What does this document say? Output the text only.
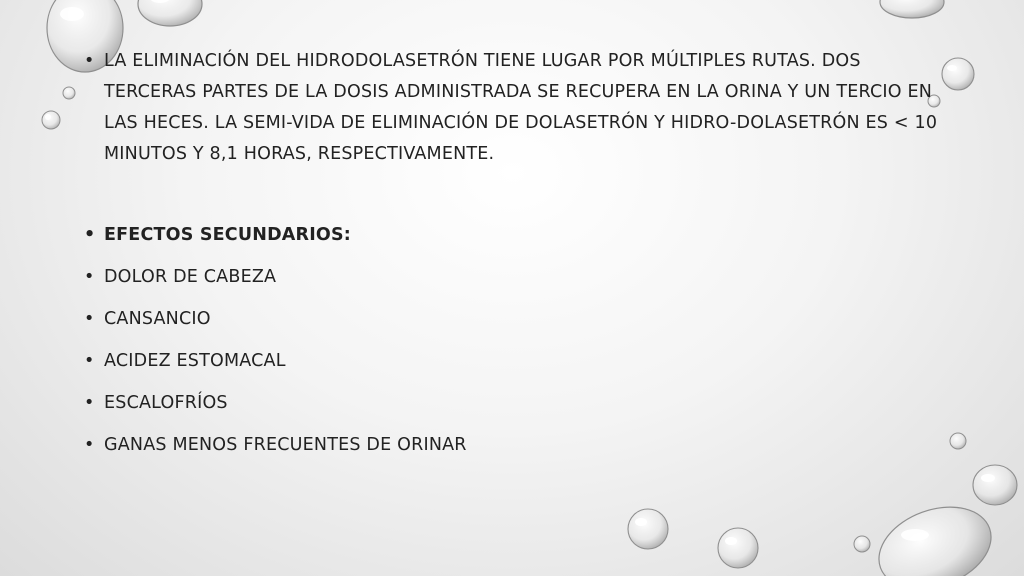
• LA ELIMINACIÓN DEL HIDRODOLASETRÓN TIENE LUGAR POR MÚLTIPLES RUTAS. DOS TERCERAS PARTES DE LA DOSIS ADMINISTRADA SE RECUPERA EN LA ORINA Y UN TERCIO EN LAS HECES. LA SEMI-VIDA DE ELIMINACIÓN DE DOLASETRÓN Y HIDRO-DOLASETRÓN ES < 10 MINUTOS Y 8,1 HORAS, RESPECTIVAMENTE.
• EFECTOS SECUNDARIOS:
• DOLOR DE CABEZA
• CANSANCIO
• ACIDEZ ESTOMACAL
• ESCALOFRÍOS
• GANAS MENOS FRECUENTES DE ORINAR
